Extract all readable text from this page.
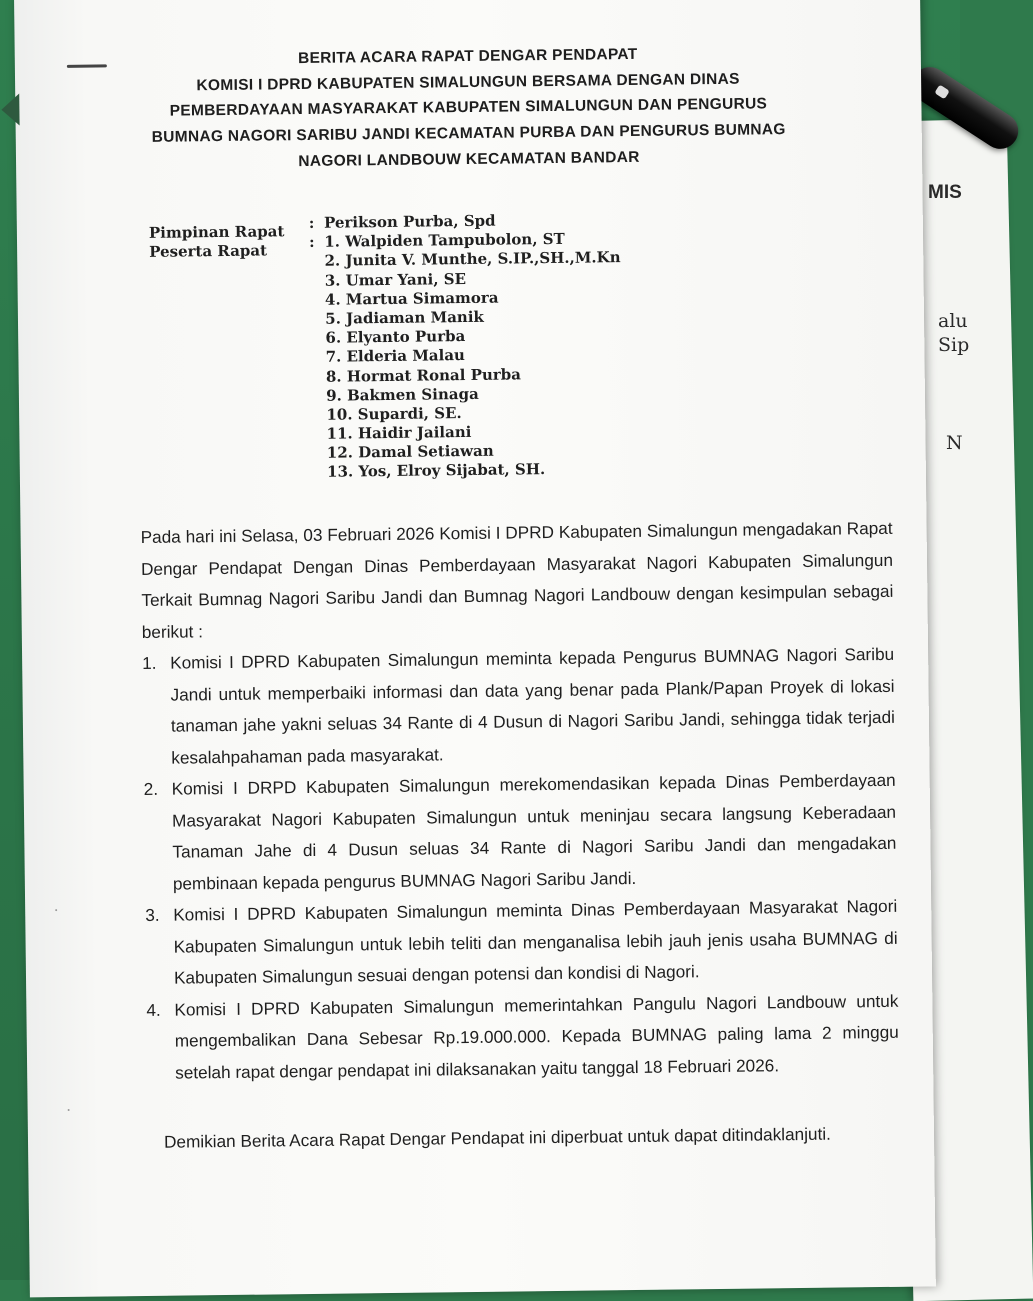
MIS
alu
Sip
N
BERITA ACARA RAPAT DENGAR PENDAPAT
KOMISI I DPRD KABUPATEN SIMALUNGUN BERSAMA DENGAN DINAS
PEMBERDAYAAN MASYARAKAT KABUPATEN SIMALUNGUN DAN PENGURUS
BUMNAG NAGORI SARIBU JANDI KECAMATAN PURBA DAN PENGURUS BUMNAG
NAGORI LANDBOUW KECAMATAN BANDAR
Pimpinan Rapat
Peserta Rapat
: Perikson Purba, Spd
: 1. Walpiden Tampubolon, ST
2. Junita V. Munthe, S.IP.,SH.,M.Kn
3. Umar Yani, SE
4. Martua Simamora
5. Jadiaman Manik
6. Elyanto Purba
7. Elderia Malau
8. Hormat Ronal Purba
9. Bakmen Sinaga
10. Supardi, SE.
11. Haidir Jailani
12. Damal Setiawan
13. Yos, Elroy Sijabat, SH.

Pada hari ini Selasa, 03 Februari 2026 Komisi I DPRD Kabupaten Simalungun mengadakan Rapat Dengar Pendapat Dengan Dinas Pemberdayaan Masyarakat Nagori Kabupaten Simalungun Terkait Bumnag Nagori Saribu Jandi dan Bumnag Nagori Landbouw dengan kesimpulan sebagai berikut :

1. Komisi I DPRD Kabupaten Simalungun meminta kepada Pengurus BUMNAG Nagori Saribu Jandi untuk memperbaiki informasi dan data yang benar pada Plank/Papan Proyek di lokasi tanaman jahe yakni seluas 34 Rante di 4 Dusun di Nagori Saribu Jandi, sehingga tidak terjadi kesalahpahaman pada masyarakat.
2. Komisi I DRPD Kabupaten Simalungun merekomendasikan kepada Dinas Pemberdayaan Masyarakat Nagori Kabupaten Simalungun untuk meninjau secara langsung Keberadaan Tanaman Jahe di 4 Dusun seluas 34 Rante di Nagori Saribu Jandi dan mengadakan pembinaan kepada pengurus BUMNAG Nagori Saribu Jandi.
3. Komisi I DPRD Kabupaten Simalungun meminta Dinas Pemberdayaan Masyarakat Nagori Kabupaten Simalungun untuk lebih teliti dan menganalisa lebih jauh jenis usaha BUMNAG di Kabupaten Simalungun sesuai dengan potensi dan kondisi di Nagori.
4. Komisi I DPRD Kabupaten Simalungun memerintahkan Pangulu Nagori Landbouw untuk mengembalikan Dana Sebesar Rp.19.000.000. Kepada BUMNAG paling lama 2 minggu setelah rapat dengar pendapat ini dilaksanakan yaitu tanggal 18 Februari 2026.
Demikian Berita Acara Rapat Dengar Pendapat ini diperbuat untuk dapat ditindaklanjuti.
